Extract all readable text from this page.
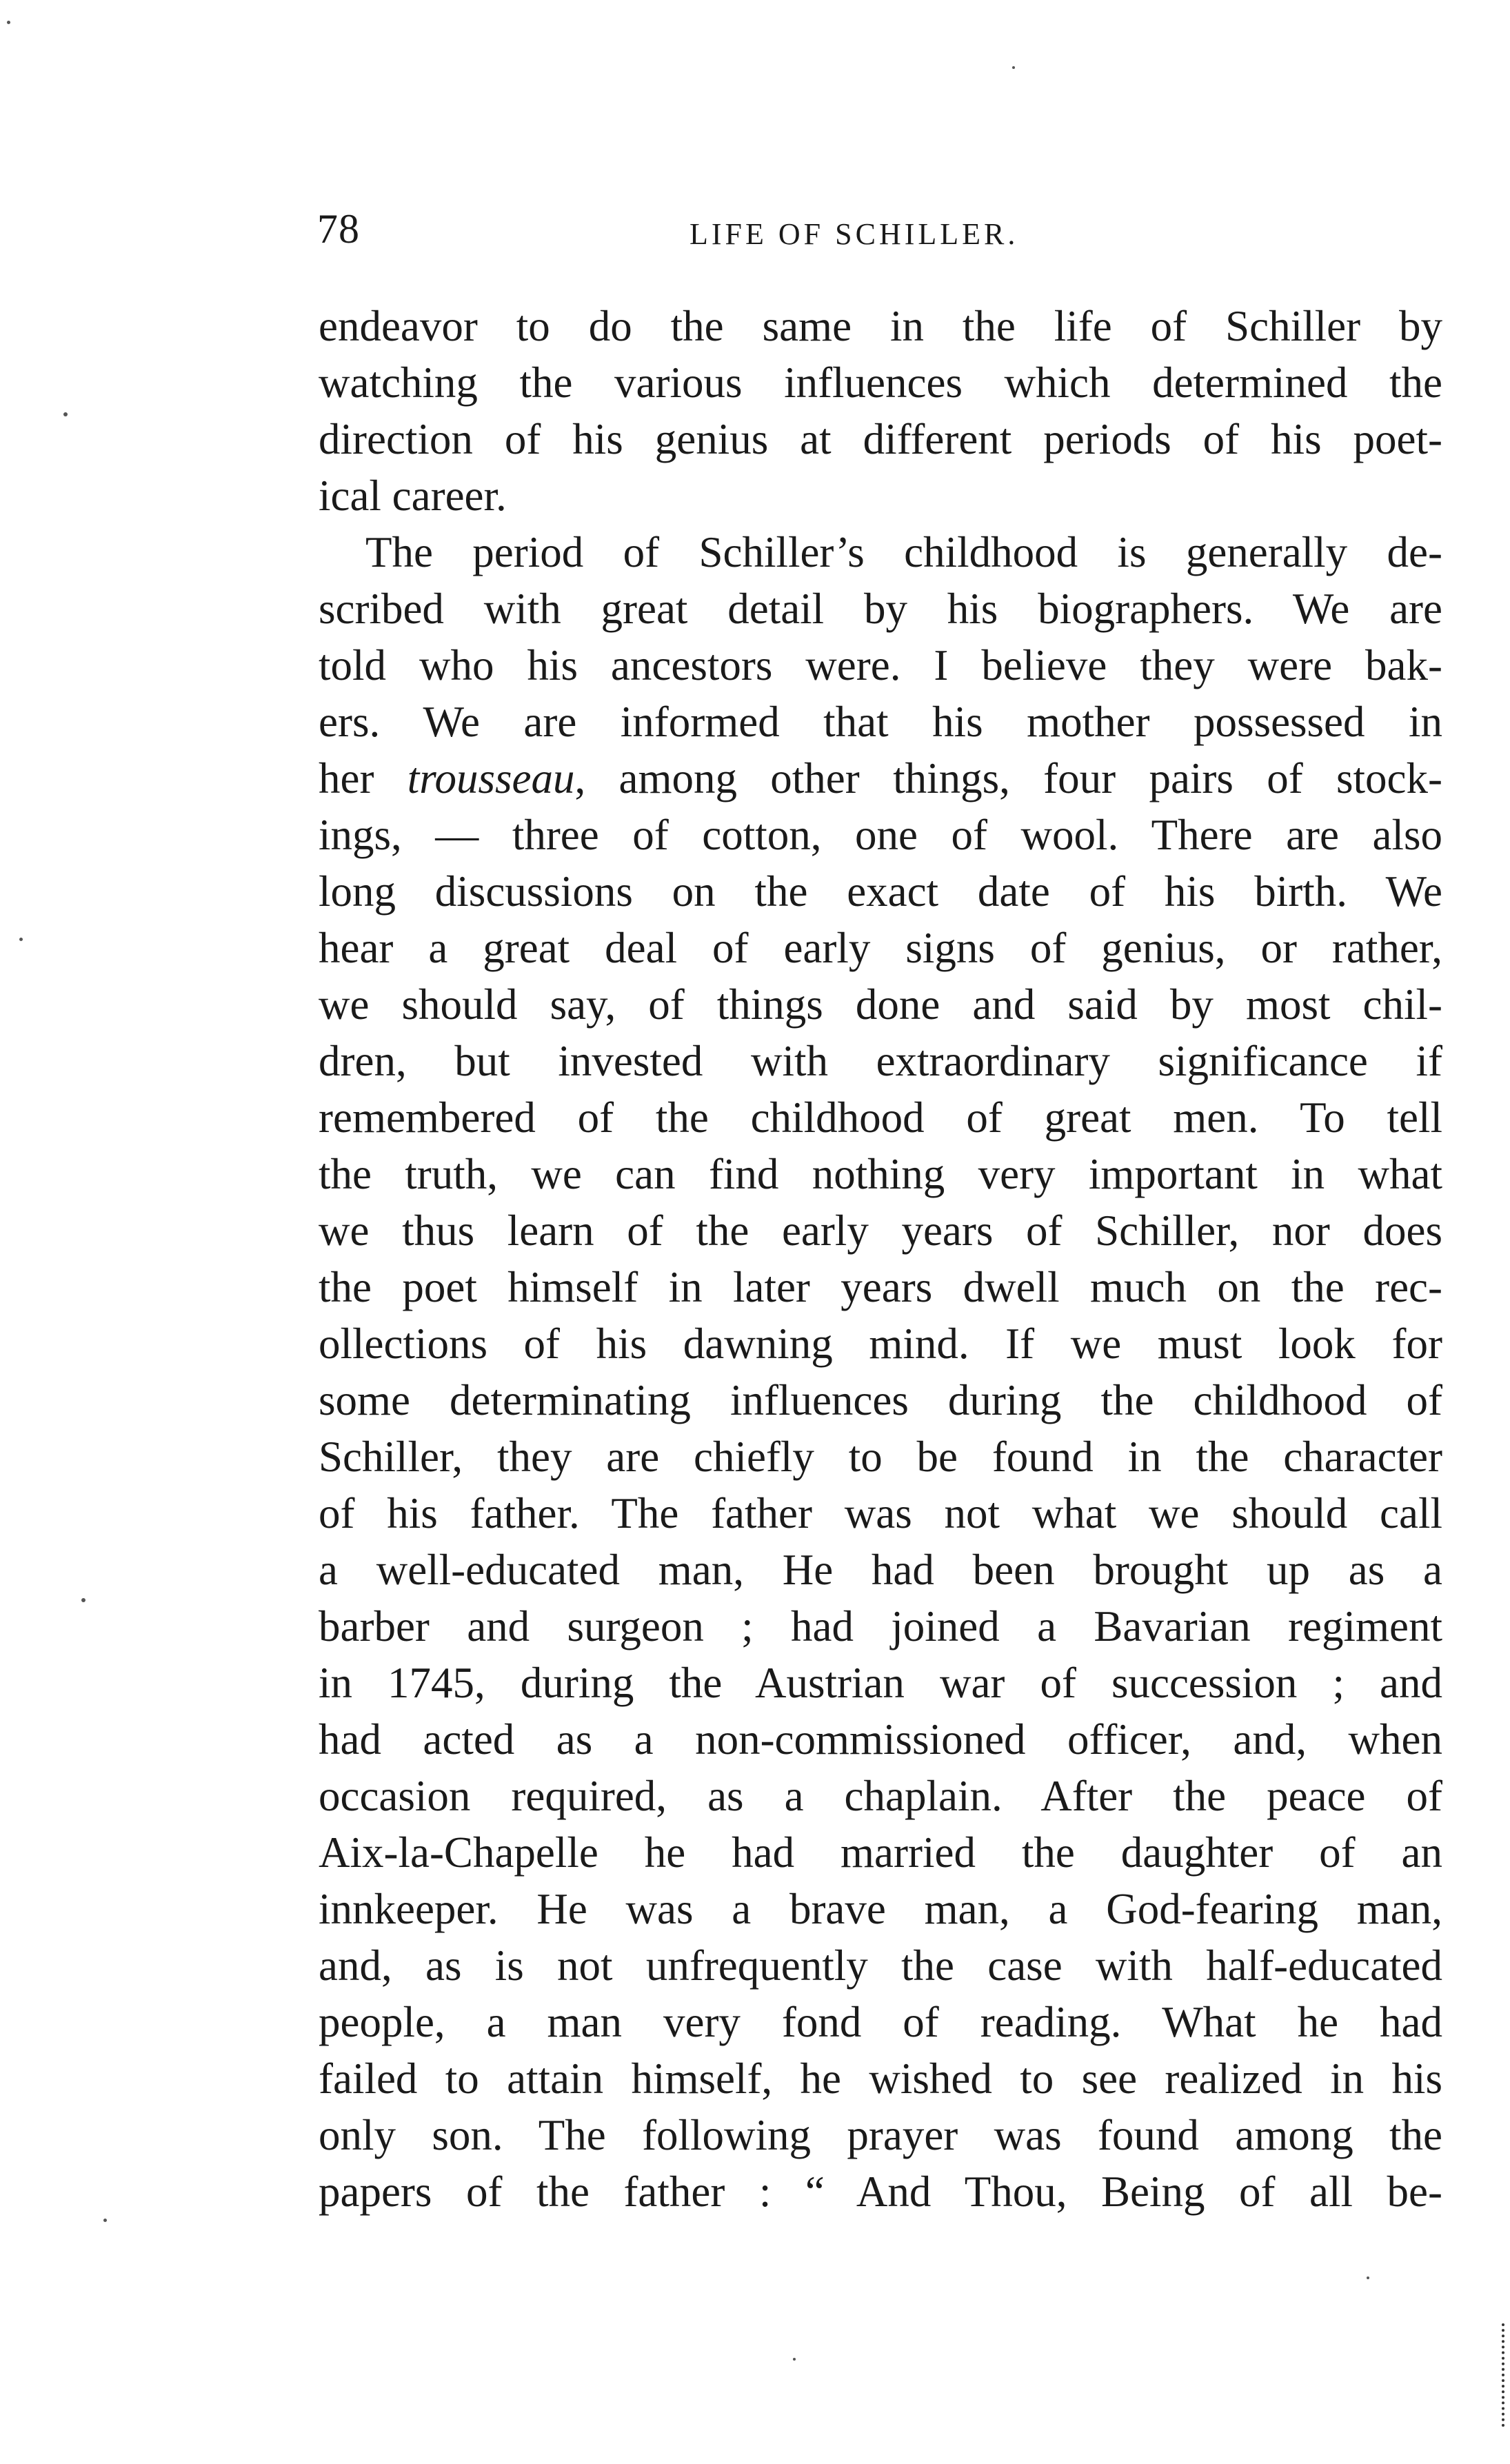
78	LIFE OF SCHILLER.
endeavor to do the same in the life of Schiller by
watching the various influences which determined the
direction of his genius at different periods of his poet-
ical career.
The period of Schiller’s childhood is generally de-
scribed with great detail by his biographers. We are
told who his ancestors were. I believe they were bak-
ers. We are informed that his mother possessed in
her trousseau, among other things, four pairs of stock-
ings, — three of cotton, one of wool. There are also
long discussions on the exact date of his birth. We
hear a great deal of early signs of genius, or rather,
we should say, of things done and said by most chil-
dren, but invested with extraordinary significance if
remembered of the childhood of great men. To tell
the truth, we can find nothing very important in what
we thus learn of the early years of Schiller, nor does
the poet himself in later years dwell much on the rec-
ollections of his dawning mind. If we must look for
some determinating influences during the childhood of
Schiller, they are chiefly to be found in the character
of his father. The father was not what we should call
a well-educated man, He had been brought up as a
barber and surgeon ; had joined a Bavarian regiment
in 1745, during the Austrian war of succession ; and
had acted as a non-commissioned officer, and, when
occasion required, as a chaplain. After the peace of
Aix-la-Chapelle he had married the daughter of an
innkeeper. He was a brave man, a God-fearing man,
and, as is not unfrequently the case with half-educated
people, a man very fond of reading. What he had
failed to attain himself, he wished to see realized in his
only son. The following prayer was found among the
papers of the father : “ And Thou, Being of all be-
